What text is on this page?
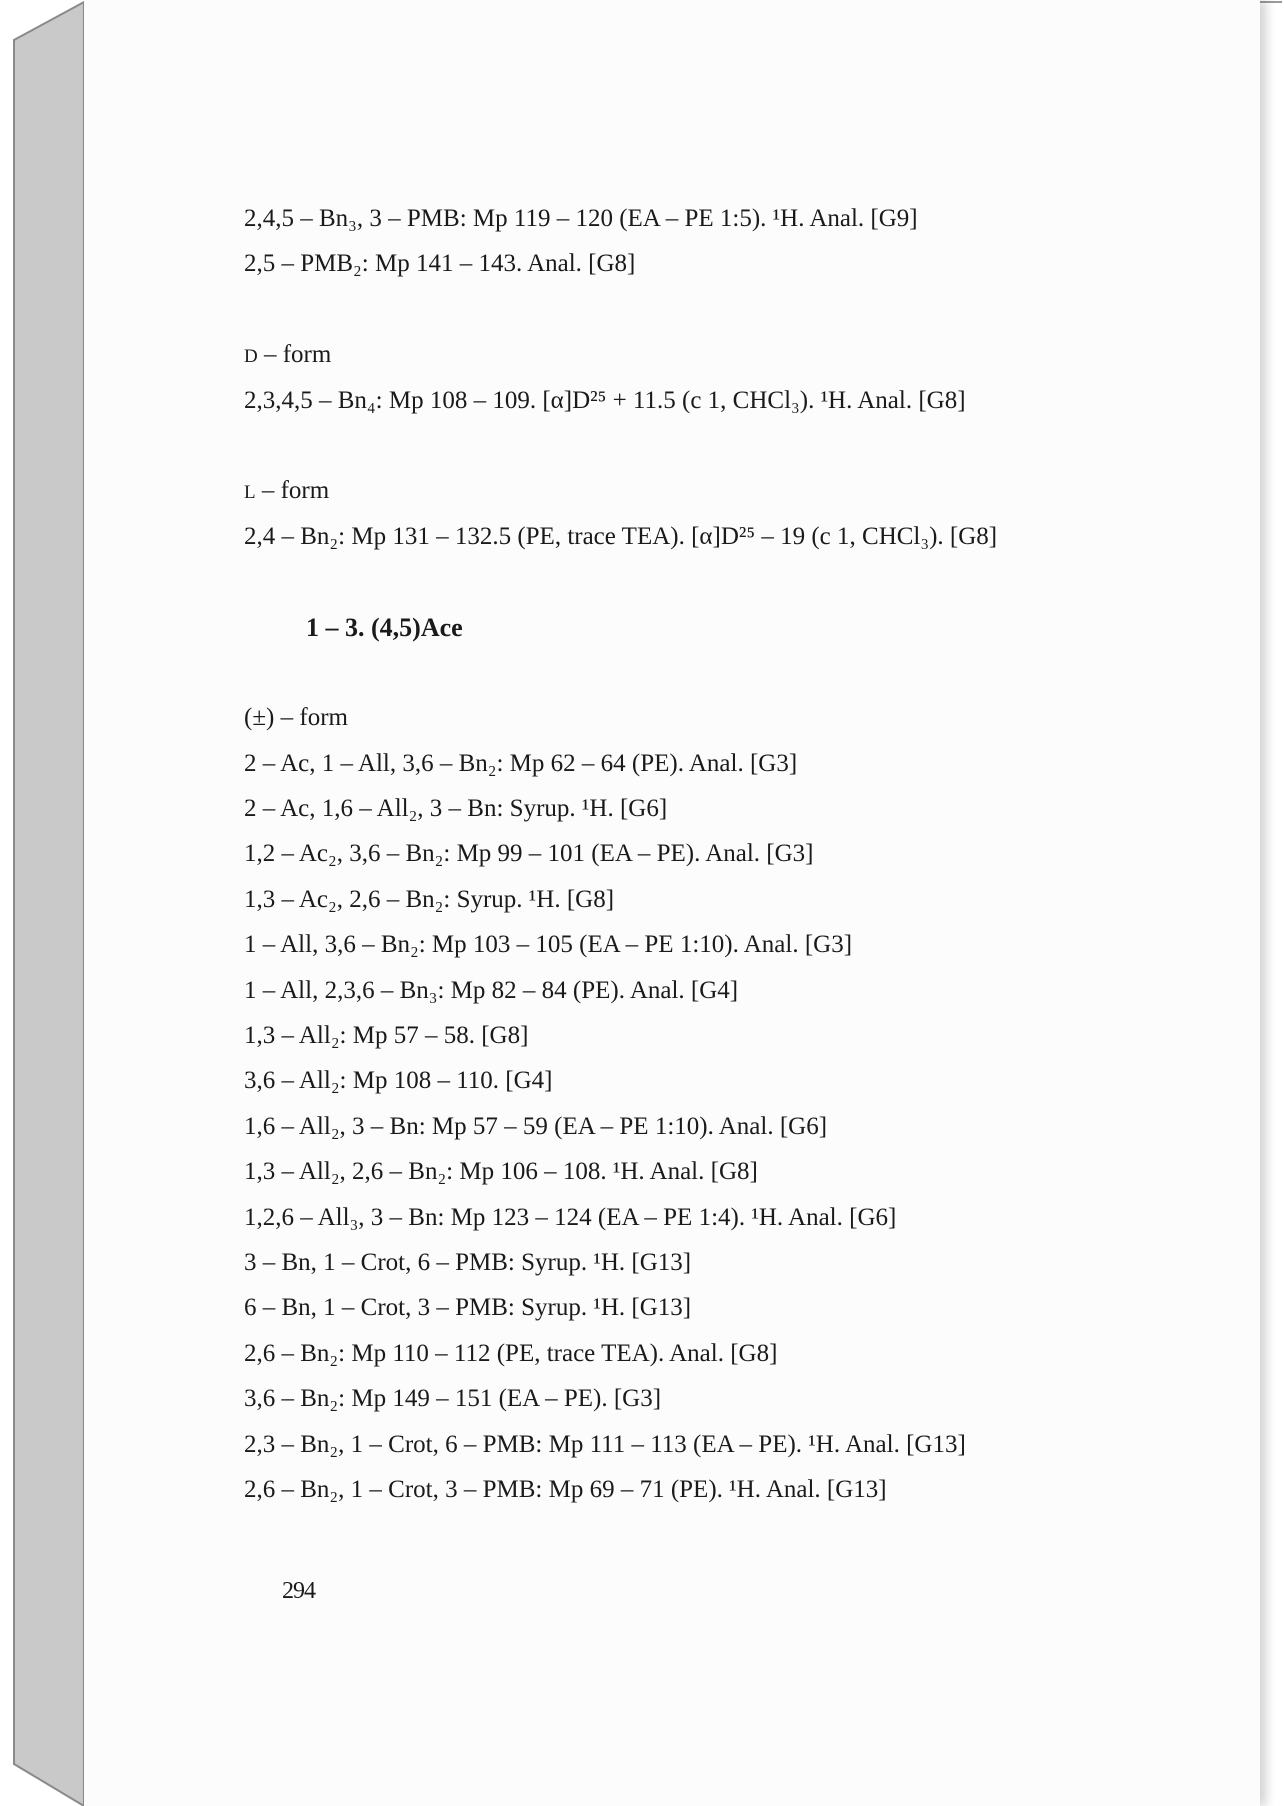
2,4,5 – Bn₃, 3 – PMB: Mp 119 – 120 (EA – PE 1:5). ¹H. Anal. [G9]
2,5 – PMB₂: Mp 141 – 143. Anal. [G8]
D – form
2,3,4,5 – Bn₄: Mp 108 – 109. [α]D²⁵ + 11.5 (c 1, CHCl₃). ¹H. Anal. [G8]
L – form
2,4 – Bn₂: Mp 131 – 132.5 (PE, trace TEA). [α]D²⁵ – 19 (c 1, CHCl₃). [G8]
1 – 3. (4,5)Ace
(±) – form
2 – Ac, 1 – All, 3,6 – Bn₂: Mp 62 – 64 (PE). Anal. [G3]
2 – Ac, 1,6 – All₂, 3 – Bn: Syrup. ¹H. [G6]
1,2 – Ac₂, 3,6 – Bn₂: Mp 99 – 101 (EA – PE). Anal. [G3]
1,3 – Ac₂, 2,6 – Bn₂: Syrup. ¹H. [G8]
1 – All, 3,6 – Bn₂: Mp 103 – 105 (EA – PE 1:10). Anal. [G3]
1 – All, 2,3,6 – Bn₃: Mp 82 – 84 (PE). Anal. [G4]
1,3 – All₂: Mp 57 – 58. [G8]
3,6 – All₂: Mp 108 – 110. [G4]
1,6 – All₂, 3 – Bn: Mp 57 – 59 (EA – PE 1:10). Anal. [G6]
1,3 – All₂, 2,6 – Bn₂: Mp 106 – 108. ¹H. Anal. [G8]
1,2,6 – All₃, 3 – Bn: Mp 123 – 124 (EA – PE 1:4). ¹H. Anal. [G6]
3 – Bn, 1 – Crot, 6 – PMB: Syrup. ¹H. [G13]
6 – Bn, 1 – Crot, 3 – PMB: Syrup. ¹H. [G13]
2,6 – Bn₂: Mp 110 – 112 (PE, trace TEA). Anal. [G8]
3,6 – Bn₂: Mp 149 – 151 (EA – PE). [G3]
2,3 – Bn₂, 1 – Crot, 6 – PMB: Mp 111 – 113 (EA – PE). ¹H. Anal. [G13]
2,6 – Bn₂, 1 – Crot, 3 – PMB: Mp 69 – 71 (PE). ¹H. Anal. [G13]
294
